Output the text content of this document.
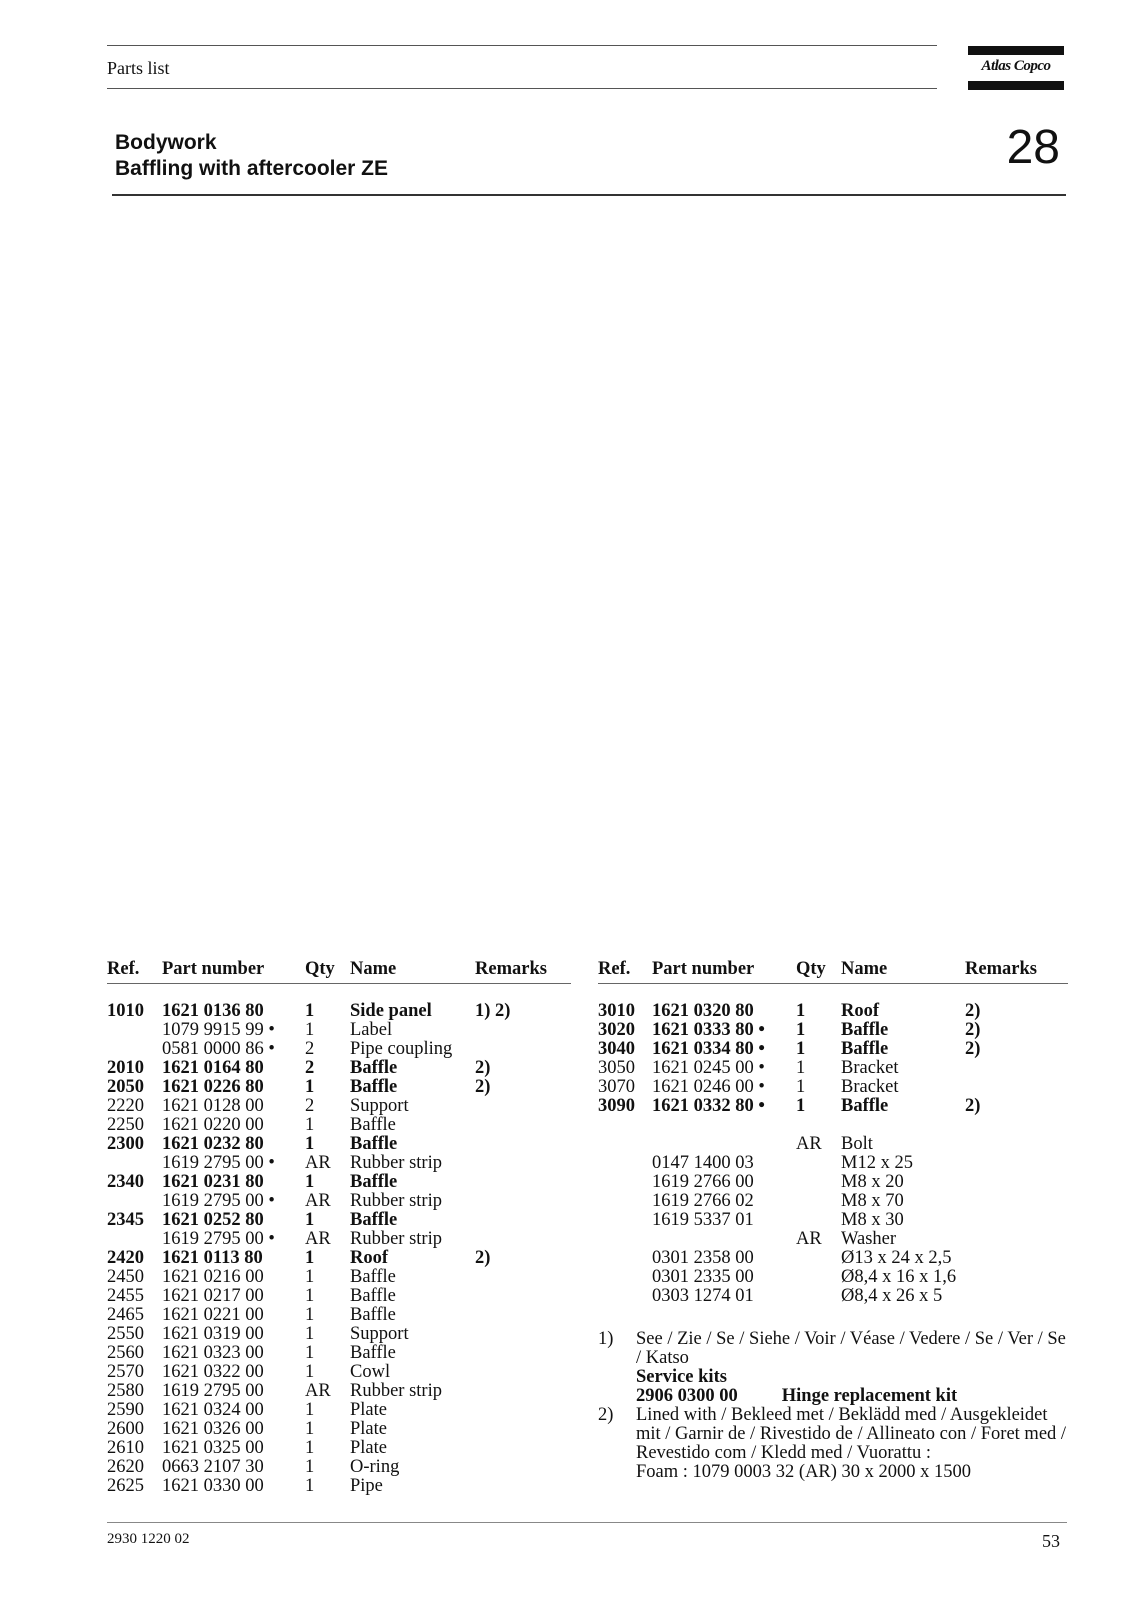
Parts list	Atlas Copco
Bodywork
Baffling with aftercooler ZE	28
Ref. Part number Qty Name	Remarks
1010 1621 0136 80 1 Side panel 1) 2)
1079 9915 99 • 1 Label
0581 0000 86 • 2 Pipe coupling
2010 1621 0164 80 2 Baffle	2)
2050 1621 0226 80 1 Baffle	2)
2220 1621 0128 00 2 Support
2250 1621 0220 00 1 Baffle
2300 1621 0232 80 1 Baffle
1619 2795 00 • AR Rubber strip
2340 1621 0231 80 1 Baffle
1619 2795 00 • AR Rubber strip
2345 1621 0252 80 1 Baffle
1619 2795 00 • AR Rubber strip
2420 1621 0113 80 1 Roof	2)
2450 1621 0216 00 1 Baffle
2455 1621 0217 00 1 Baffle
2465 1621 0221 00 1 Baffle
2550 1621 0319 00 1 Support
2560 1621 0323 00 1 Baffle
2570 1621 0322 00 1 Cowl
2580 1619 2795 00 AR Rubber strip
2590 1621 0324 00 1 Plate
2600 1621 0326 00 1 Plate
2610 1621 0325 00 1 Plate
2620 0663 2107 30 1 O-ring
2625 1621 0330 00 1 Pipe
Ref. Part number Qty Name	Remarks
3010 1621 0320 80 1 Roof	2)
3020 1621 0333 80 • 1 Baffle	2)
3040 1621 0334 80 • 1 Baffle	2)
3050 1621 0245 00 • 1 Bracket
3070 1621 0246 00 • 1 Bracket
3090 1621 0332 80 • 1 Baffle	2)
AR Bolt
0147 1400 03	M12 x 25
1619 2766 00	M8 x 20
1619 2766 02	M8 x 70
1619 5337 01	M8 x 30
AR Washer
0301 2358 00	Ø13 x 24 x 2,5
0301 2335 00	Ø8,4 x 16 x 1,6
0303 1274 01	Ø8,4 x 26 x 5
1) See / Zie / Se / Siehe / Voir / Véase / Vedere / Se / Ver / Se / Katso
Service kits
2906 0300 00 Hinge replacement kit
2) Lined with / Bekleed met / Beklädd med / Ausgekleidet mit / Garnir de / Rivestido de / Allineato con / Foret med / Revestido com / Kledd med / Vuorattu :
Foam : 1079 0003 32 (AR) 30 x 2000 x 1500
2930 1220 02	53
